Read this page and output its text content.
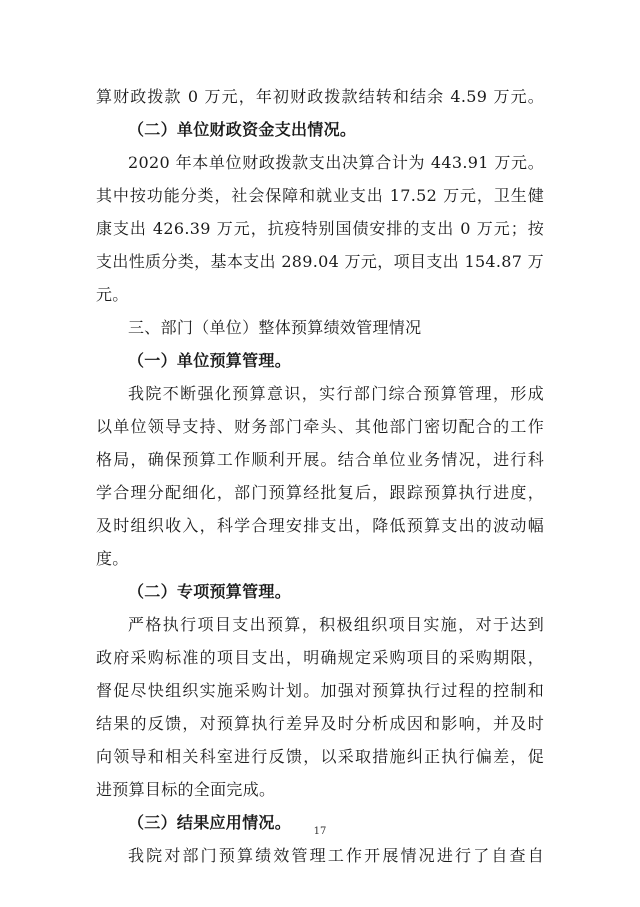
算财政拨款 0 万元，年初财政拨款结转和结余 4.59 万元。
（二）单位财政资金支出情况。
2020 年本单位财政拨款支出决算合计为 443.91 万元。
其中按功能分类，社会保障和就业支出 17.52 万元，卫生健
康支出 426.39 万元，抗疫特别国债安排的支出 0 万元；按
支出性质分类，基本支出 289.04 万元，项目支出 154.87 万
元。
三、部门（单位）整体预算绩效管理情况
（一）单位预算管理。
我院不断强化预算意识，实行部门综合预算管理，形成
以单位领导支持、财务部门牵头、其他部门密切配合的工作
格局，确保预算工作顺利开展。结合单位业务情况，进行科
学合理分配细化，部门预算经批复后，跟踪预算执行进度，
及时组织收入，科学合理安排支出，降低预算支出的波动幅
度。
（二）专项预算管理。
严格执行项目支出预算，积极组织项目实施，对于达到
政府采购标准的项目支出，明确规定采购项目的采购期限，
督促尽快组织实施采购计划。加强对预算执行过程的控制和
结果的反馈，对预算执行差异及时分析成因和影响，并及时
向领导和相关科室进行反馈，以采取措施纠正执行偏差，促
进预算目标的全面完成。
（三）结果应用情况。
我院对部门预算绩效管理工作开展情况进行了自查自
17
